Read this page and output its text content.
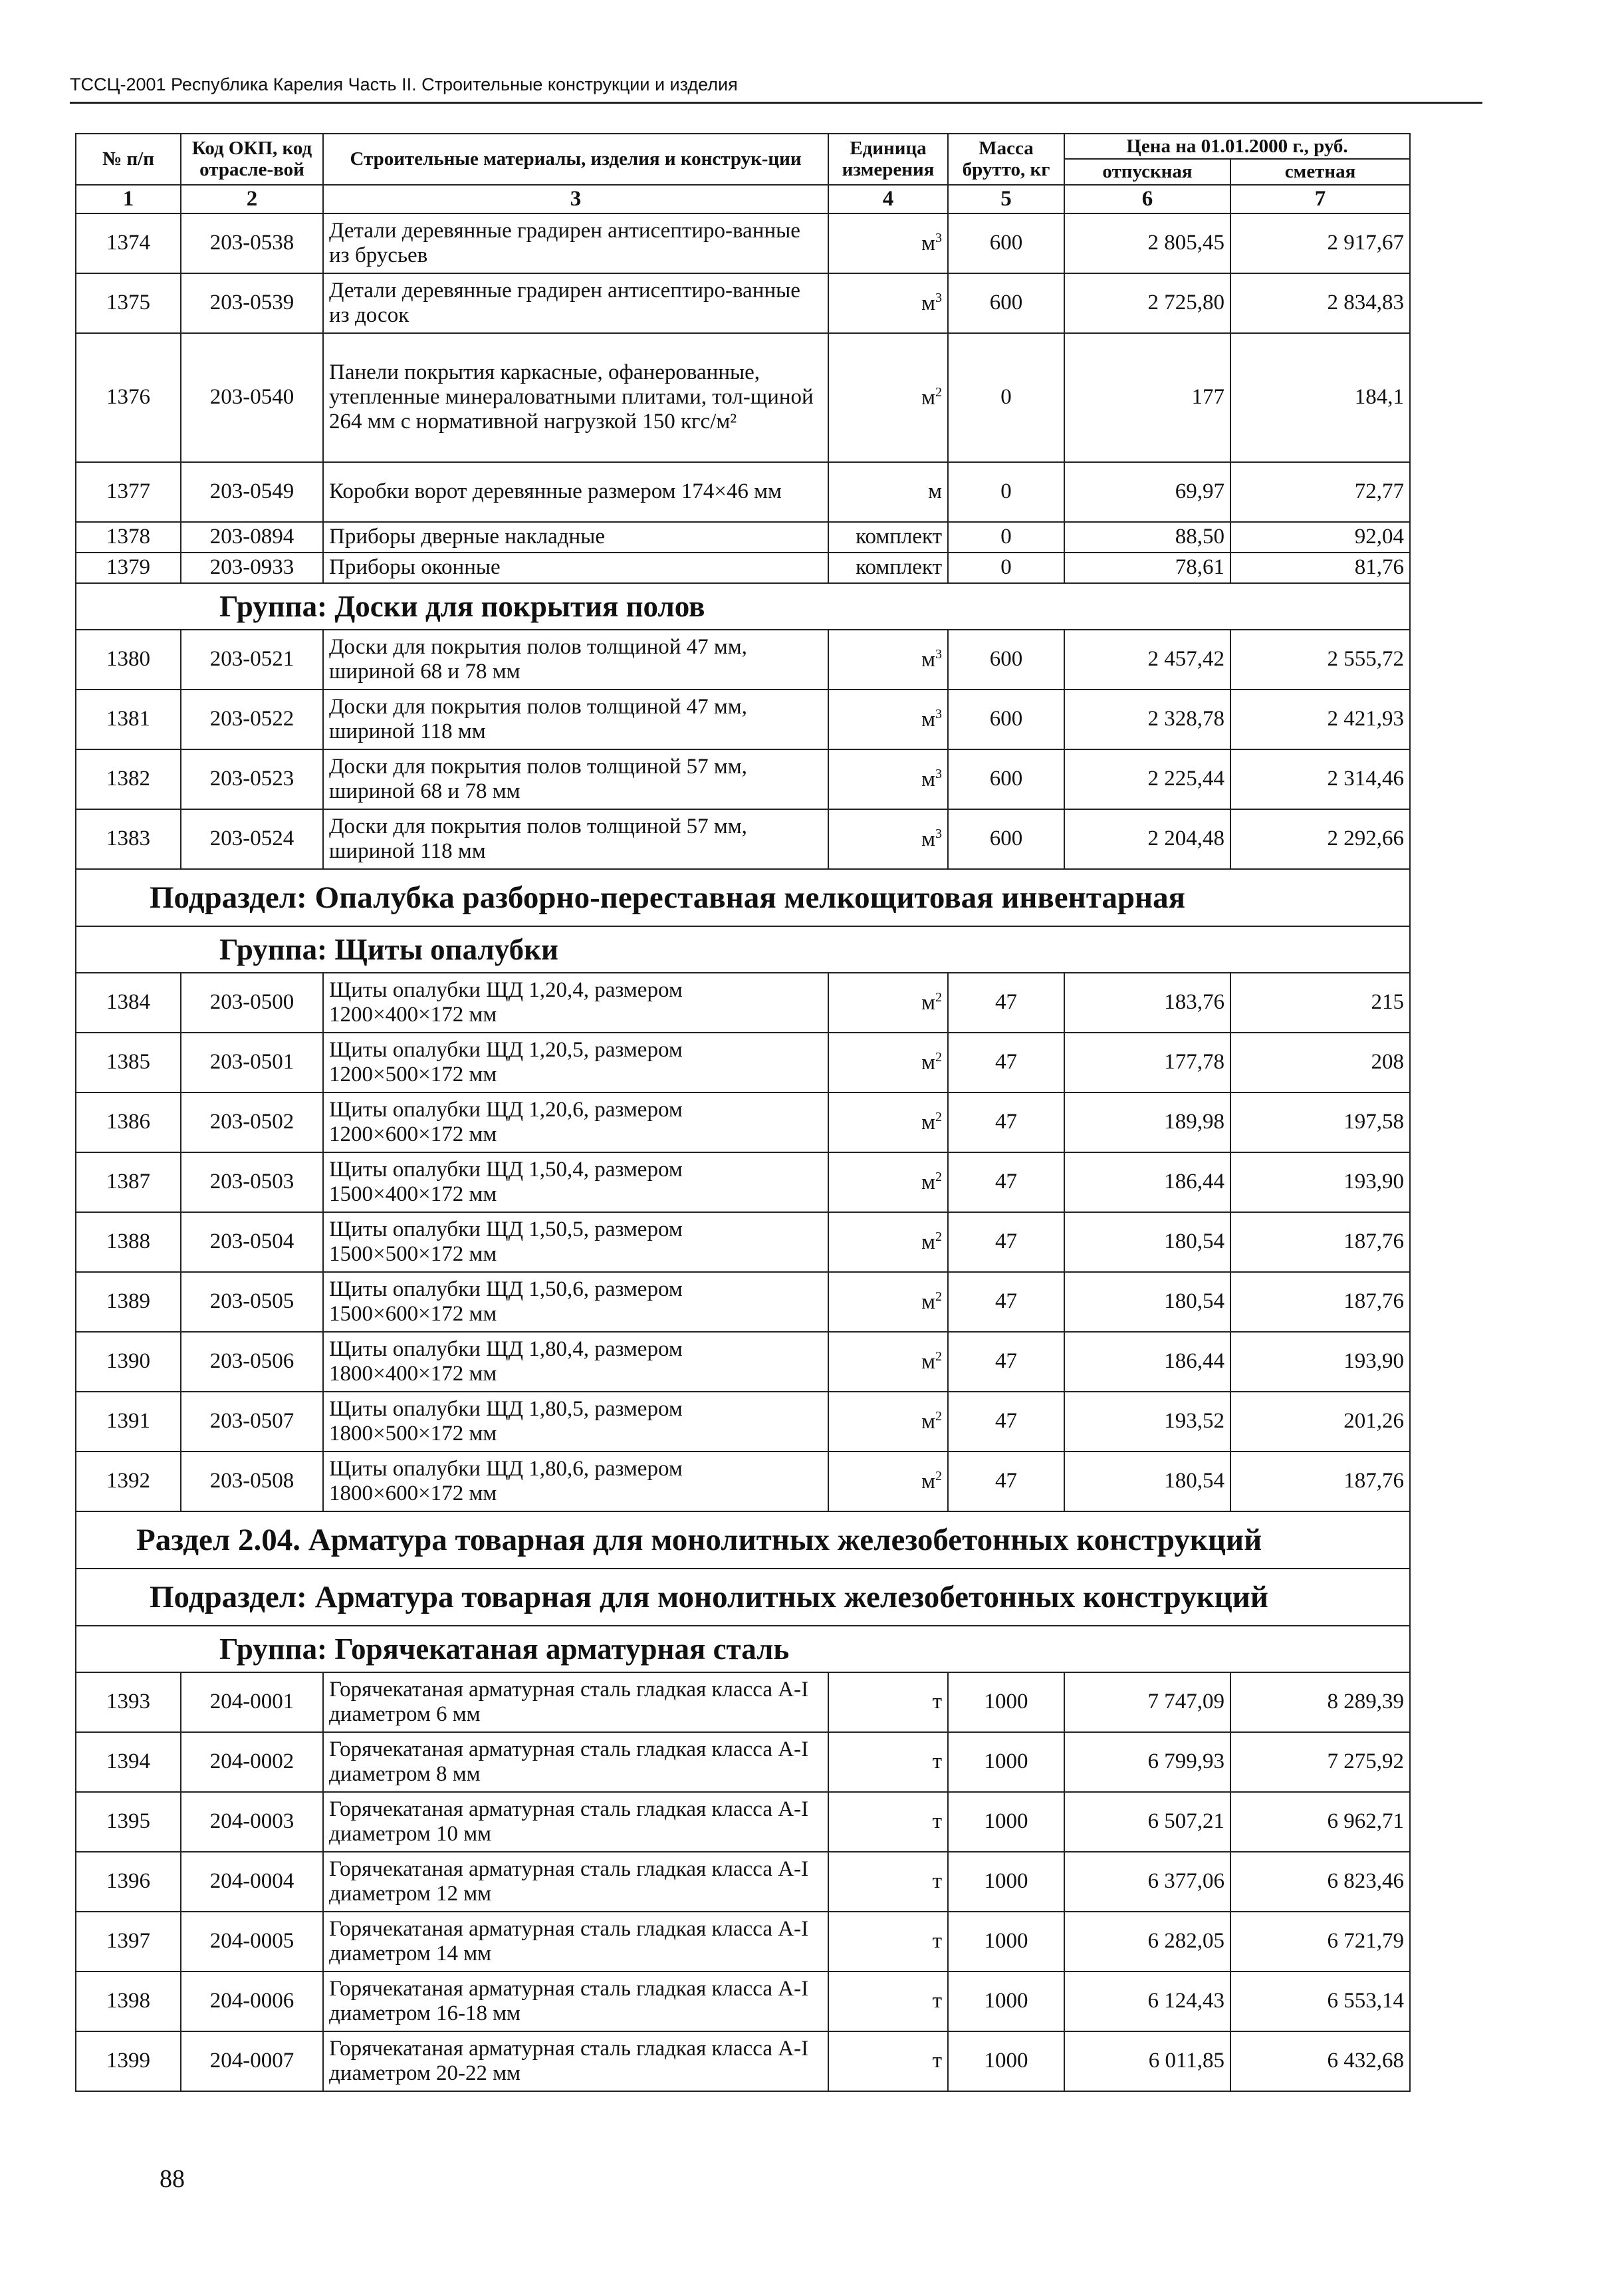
ТССЦ-2001 Республика Карелия Часть II. Строительные конструкции и изделия
№ п/п	Код ОКП, код отрасле-вой	Строительные материалы, изделия и конструк-ции	Единица измерения	Масса брутто, кг	Цена на 01.01.2000 г., руб.	
					отпускная	сметная
1	2	3	4	5	6	7
1374	203-0538	Детали деревянные градирен антисептиро-ванные из брусьев	$м^3$	600	2 805,45	2 917,67
1375	203-0539	Детали деревянные градирен антисептиро-ванные из досок	$м^3$	600	2 725,80	2 834,83
1376	203-0540	Панели покрытия каркасные, офанерованные, утепленные минераловатными плитами, тол-щиной 264 мм с нормативной нагрузкой 150 кгс/м²	$м^2$	0	177	184,1
1377	203-0549	Коробки ворот деревянные размером 174×46 мм	м	0	69,97	72,77
1378	203-0894	Приборы дверные накладные	комплект	0	88,50	92,04
1379	203-0933	Приборы оконные	комплект	0	78,61	81,76
Группа: Доски для покрытия полов						
1380	203-0521	Доски для покрытия полов толщиной 47 мм, шириной 68 и 78 мм	$м^3$	600	2 457,42	2 555,72
1381	203-0522	Доски для покрытия полов толщиной 47 мм, шириной 118 мм	$м^3$	600	2 328,78	2 421,93
1382	203-0523	Доски для покрытия полов толщиной 57 мм, шириной 68 и 78 мм	$м^3$	600	2 225,44	2 314,46
1383	203-0524	Доски для покрытия полов толщиной 57 мм, шириной 118 мм	$м^3$	600	2 204,48	2 292,66
Подраздел: Опалубка разборно-переставная мелкощитовая инвентарная						
Группа: Щиты опалубки						
1384	203-0500	Щиты опалубки ЩД 1,20,4, размером 1200×400×172 мм	$м^2$	47	183,76	215
1385	203-0501	Щиты опалубки ЩД 1,20,5, размером 1200×500×172 мм	$м^2$	47	177,78	208
1386	203-0502	Щиты опалубки ЩД 1,20,6, размером 1200×600×172 мм	$м^2$	47	189,98	197,58
1387	203-0503	Щиты опалубки ЩД 1,50,4, размером 1500×400×172 мм	$м^2$	47	186,44	193,90
1388	203-0504	Щиты опалубки ЩД 1,50,5, размером 1500×500×172 мм	$м^2$	47	180,54	187,76
1389	203-0505	Щиты опалубки ЩД 1,50,6, размером 1500×600×172 мм	$м^2$	47	180,54	187,76
1390	203-0506	Щиты опалубки ЩД 1,80,4, размером 1800×400×172 мм	$м^2$	47	186,44	193,90
1391	203-0507	Щиты опалубки ЩД 1,80,5, размером 1800×500×172 мм	$м^2$	47	193,52	201,26
1392	203-0508	Щиты опалубки ЩД 1,80,6, размером 1800×600×172 мм	$м^2$	47	180,54	187,76
Раздел 2.04. Арматура товарная для монолитных железобетонных конструкций						
Подраздел: Арматура товарная для монолитных железобетонных конструкций						
Группа: Горячекатаная арматурная сталь						
1393	204-0001	Горячекатаная арматурная сталь гладкая класса А-I диаметром 6 мм	т	1000	7 747,09	8 289,39
1394	204-0002	Горячекатаная арматурная сталь гладкая класса А-I диаметром 8 мм	т	1000	6 799,93	7 275,92
1395	204-0003	Горячекатаная арматурная сталь гладкая класса А-I диаметром 10 мм	т	1000	6 507,21	6 962,71
1396	204-0004	Горячекатаная арматурная сталь гладкая класса А-I диаметром 12 мм	т	1000	6 377,06	6 823,46
1397	204-0005	Горячекатаная арматурная сталь гладкая класса А-I диаметром 14 мм	т	1000	6 282,05	6 721,79
1398	204-0006	Горячекатаная арматурная сталь гладкая класса А-I диаметром 16-18 мм	т	1000	6 124,43	6 553,14
1399	204-0007	Горячекатаная арматурная сталь гладкая класса А-I диаметром 20-22 мм	т	1000	6 011,85	6 432,68
88
